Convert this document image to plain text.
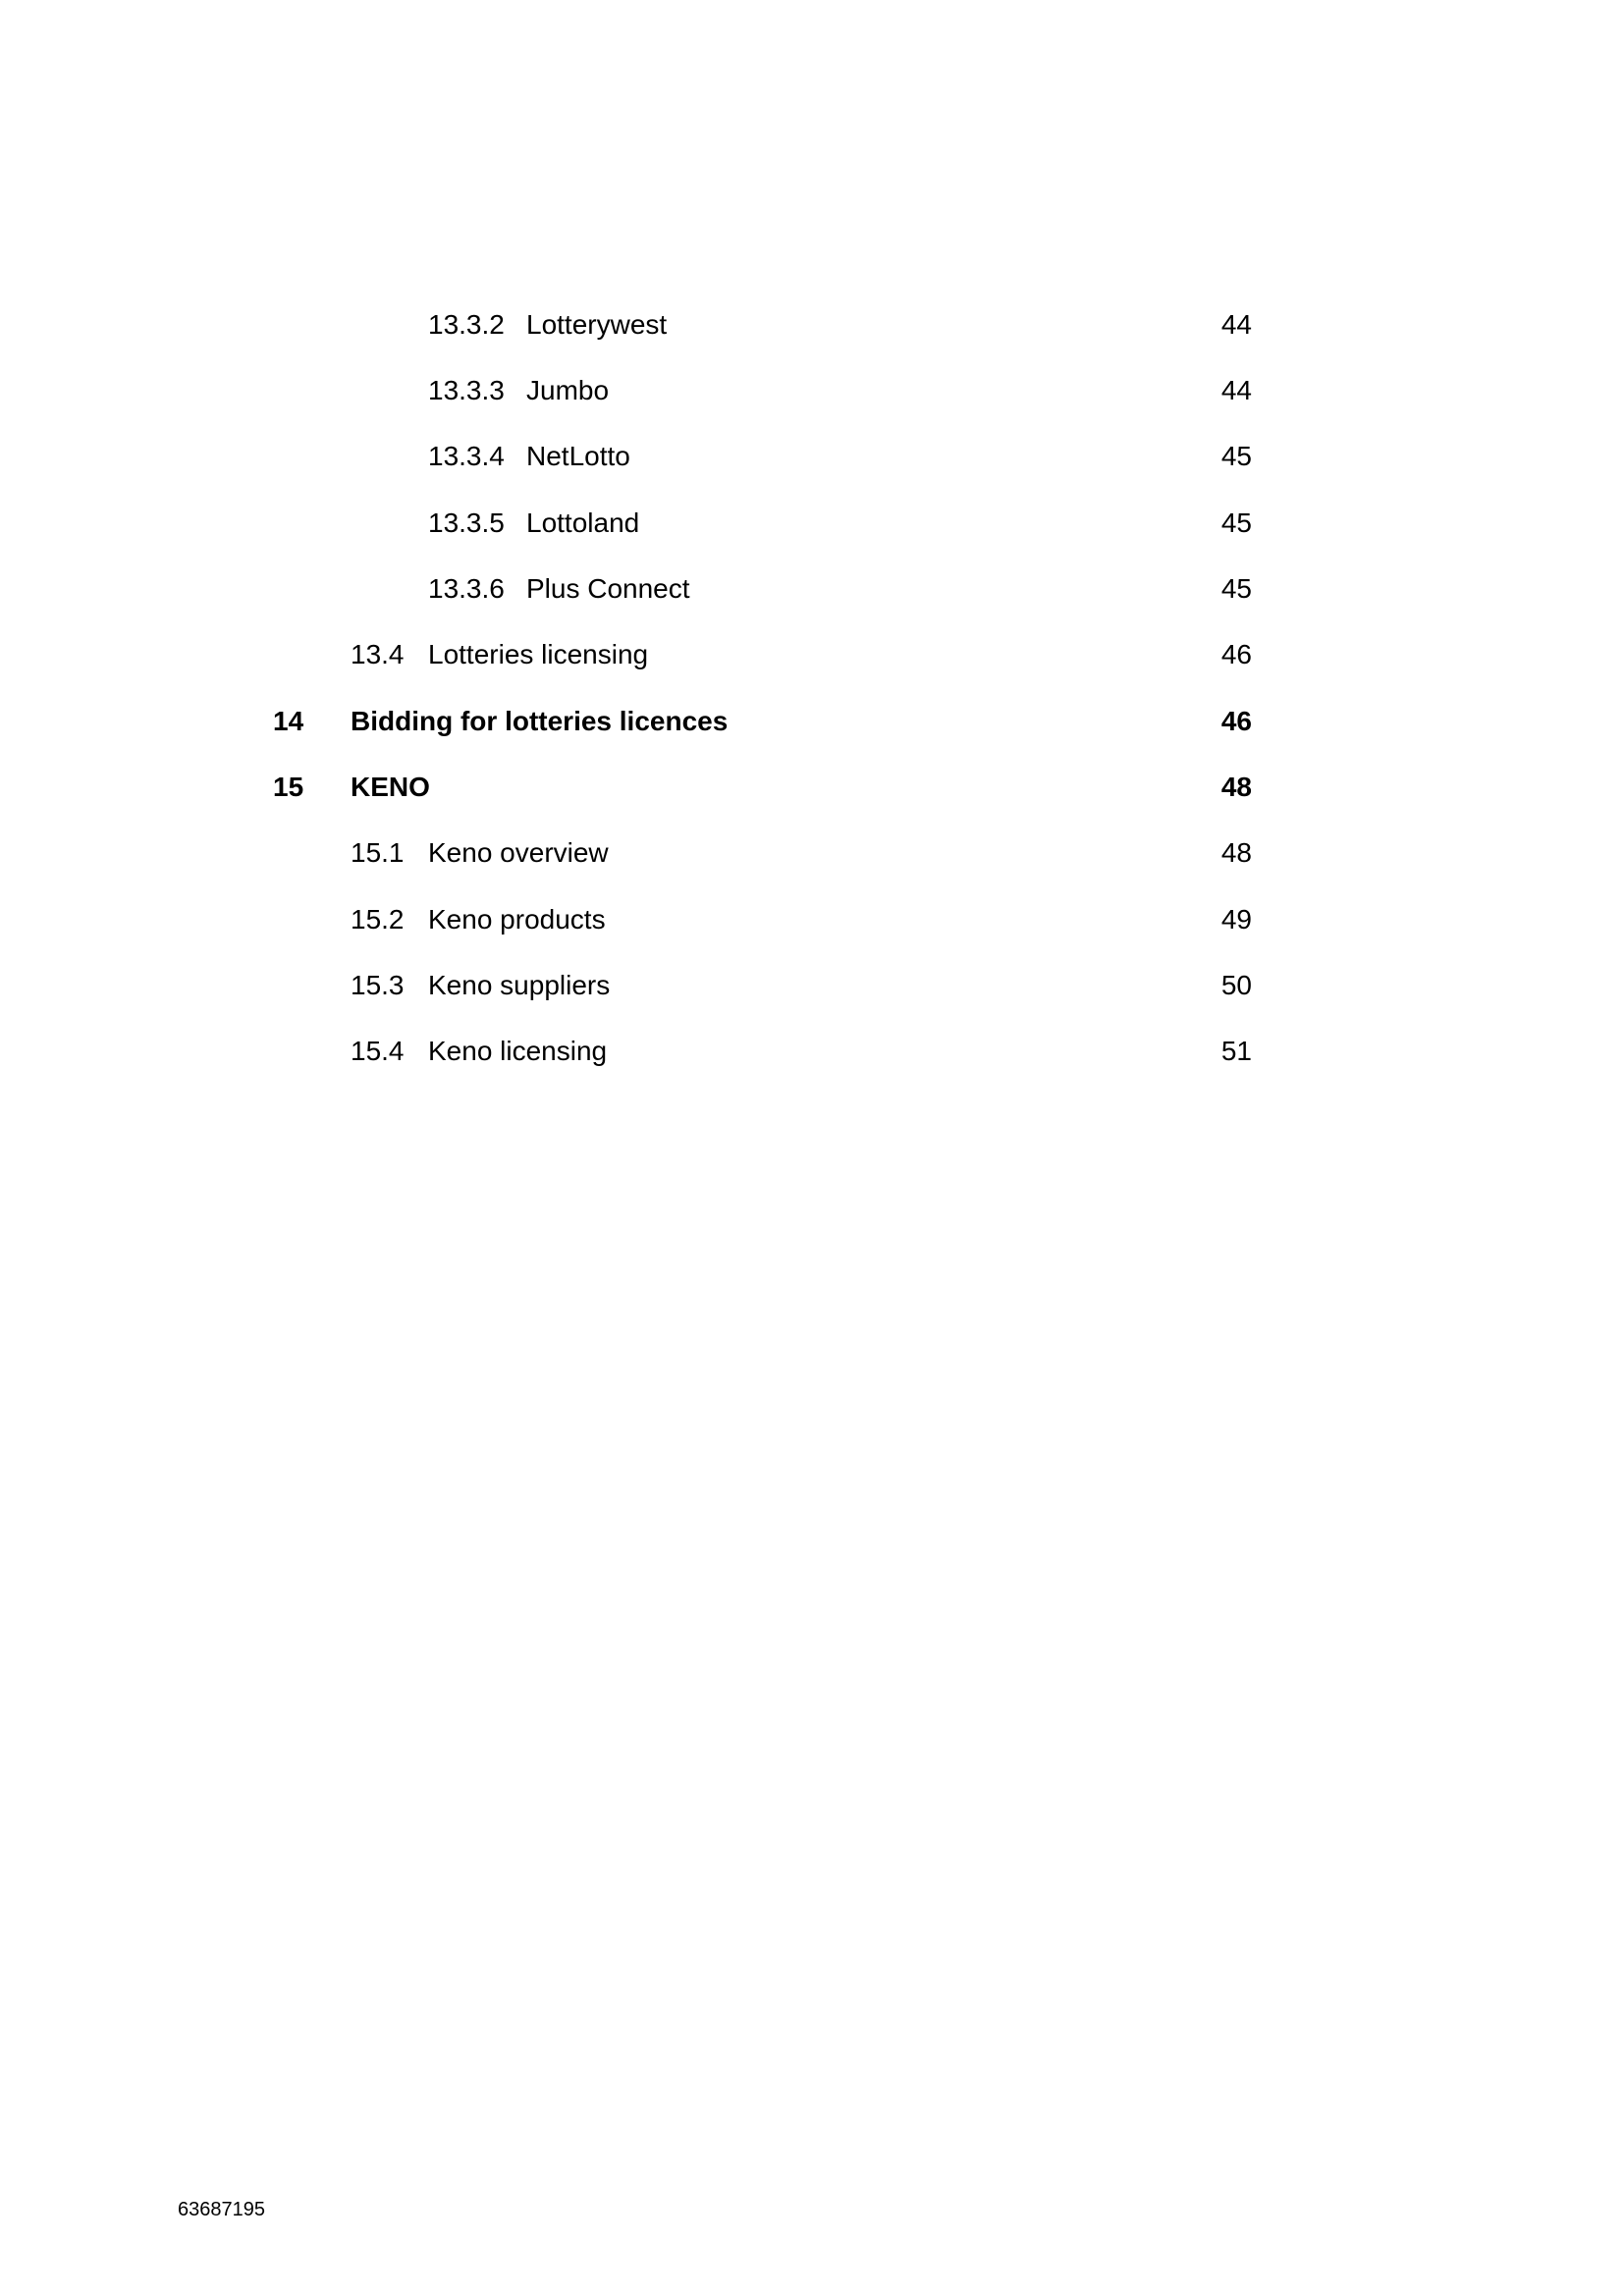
13.3.2 Lotterywest	44
13.3.3 Jumbo	44
13.3.4 NetLotto	45
13.3.5 Lottoland	45
13.3.6 Plus Connect	45
13.4 Lotteries licensing	46
14 Bidding for lotteries licences	46
15 KENO	48
15.1 Keno overview	48
15.2 Keno products	49
15.3 Keno suppliers	50
15.4 Keno licensing	51
63687195
